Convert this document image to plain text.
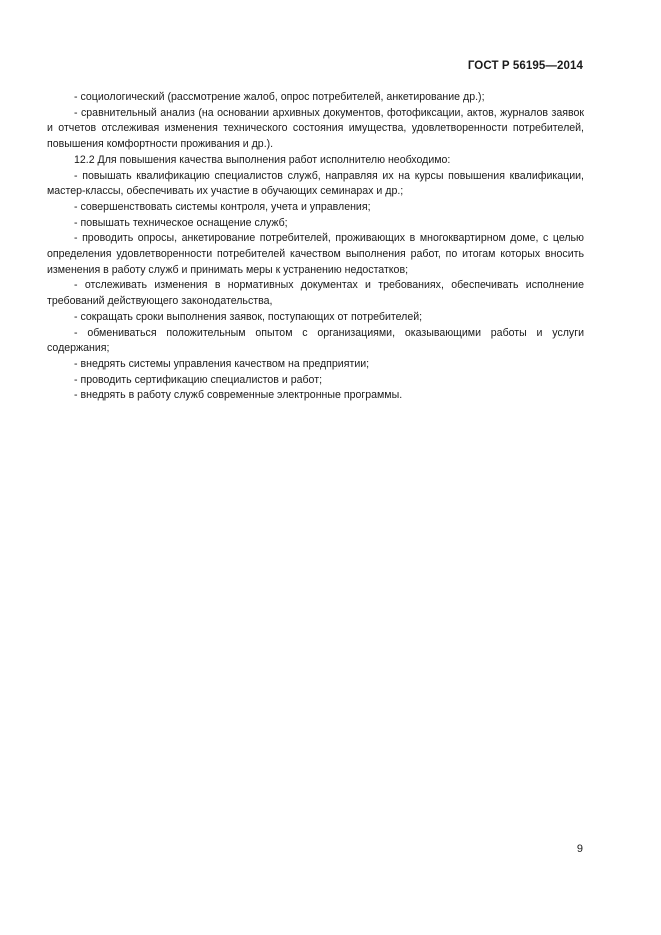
ГОСТ Р 56195—2014

- социологический (рассмотрение жалоб, опрос потребителей, анкетирование др.);

- сравнительный анализ (на основании архивных документов, фотофиксации, актов, журналов заявок и отчетов отслеживая изменения технического состояния имущества, удовлетворенности потребителей, повышения комфортности проживания и др.).

12.2 Для повышения качества выполнения работ исполнителю необходимо:

- повышать квалификацию специалистов служб, направляя их на курсы повышения квалификации, мастер-классы, обеспечивать их участие в обучающих семинарах и др.;

- совершенствовать системы контроля, учета и управления;

- повышать техническое оснащение служб;

- проводить опросы, анкетирование потребителей, проживающих в многоквартирном доме, с целью определения удовлетворенности потребителей качеством выполнения работ, по итогам которых вносить изменения в работу служб и принимать меры к устранению недостатков;

- отслеживать изменения в нормативных документах и требованиях, обеспечивать исполнение требований действующего законодательства,

- сокращать сроки выполнения заявок, поступающих от потребителей;

- обмениваться положительным опытом с организациями, оказывающими работы и услуги содержания;

- внедрять системы управления качеством на предприятии;

- проводить сертификацию специалистов и работ;

- внедрять в работу служб современные электронные программы.

9
